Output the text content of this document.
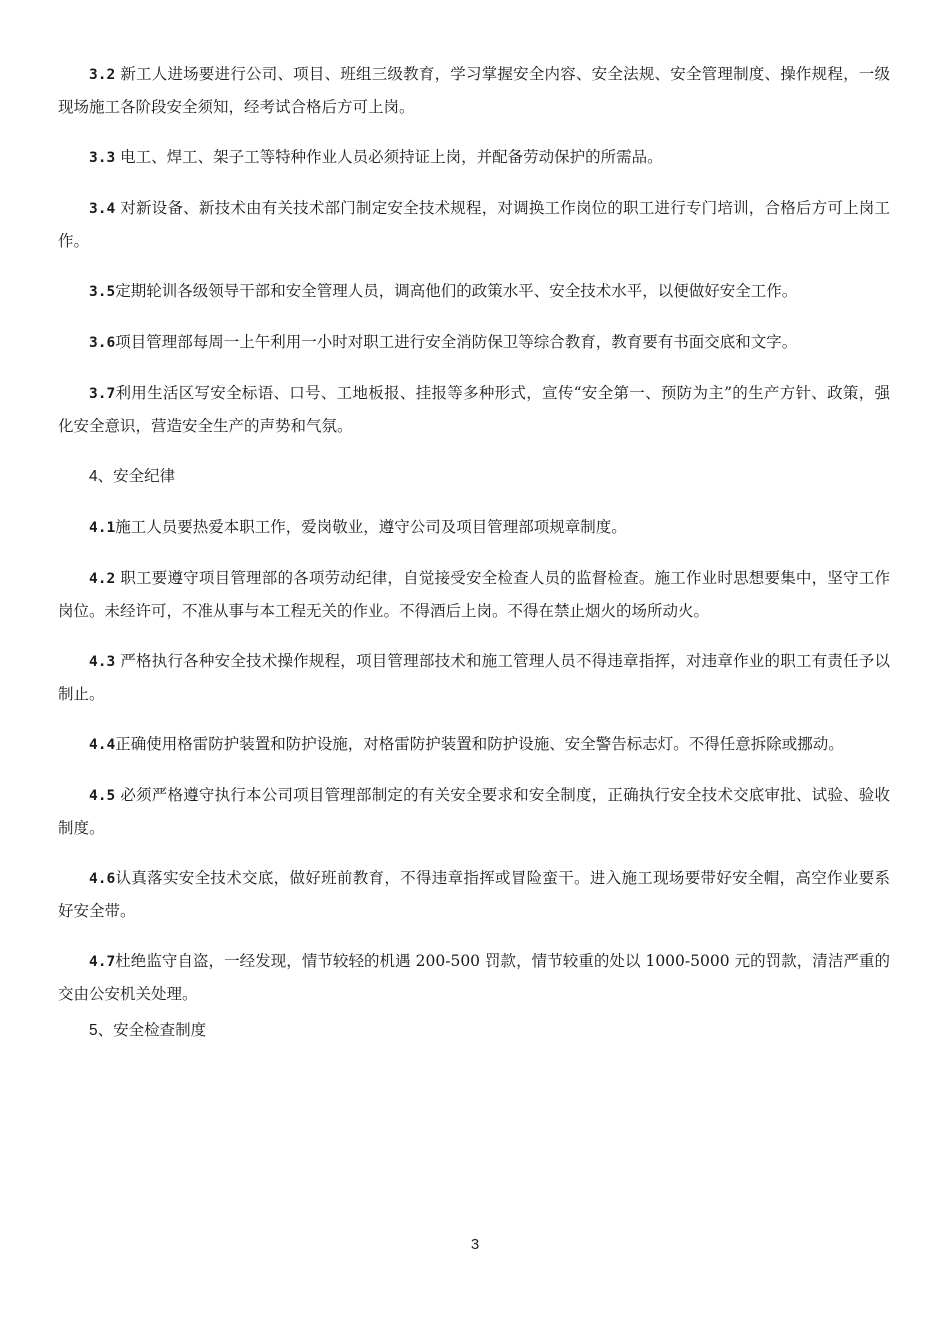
3.2 新工人进场要进行公司、项目、班组三级教育，学习掌握安全内容、安全法规、安全管理制度、操作规程，一级现场施工各阶段安全须知，经考试合格后方可上岗。

3.3 电工、焊工、架子工等特种作业人员必须持证上岗，并配备劳动保护的所需品。

3.4 对新设备、新技术由有关技术部门制定安全技术规程，对调换工作岗位的职工进行专门培训，合格后方可上岗工作。

3.5定期轮训各级领导干部和安全管理人员，调高他们的政策水平、安全技术水平，以便做好安全工作。

3.6项目管理部每周一上午利用一小时对职工进行安全消防保卫等综合教育，教育要有书面交底和文字。

3.7利用生活区写安全标语、口号、工地板报、挂报等多种形式，宣传“安全第一、预防为主”的生产方针、政策，强化安全意识，营造安全生产的声势和气氛。

4、安全纪律

4.1施工人员要热爱本职工作，爱岗敬业，遵守公司及项目管理部项规章制度。

4.2 职工要遵守项目管理部的各项劳动纪律，自觉接受安全检查人员的监督检查。施工作业时思想要集中，坚守工作岗位。未经许可，不准从事与本工程无关的作业。不得酒后上岗。不得在禁止烟火的场所动火。

4.3 严格执行各种安全技术操作规程，项目管理部技术和施工管理人员不得违章指挥，对违章作业的职工有责任予以制止。

4.4正确使用格雷防护装置和防护设施，对格雷防护装置和防护设施、安全警告标志灯。不得任意拆除或挪动。

4.5 必须严格遵守执行本公司项目管理部制定的有关安全要求和安全制度，正确执行安全技术交底审批、试验、验收制度。

4.6认真落实安全技术交底，做好班前教育，不得违章指挥或冒险蛮干。进入施工现场要带好安全帽，高空作业要系好安全带。

4.7杜绝监守自盗，一经发现，情节较轻的机遇 200-500 罚款，情节较重的处以 1000-5000 元的罚款，清洁严重的交由公安机关处理。

5、安全检查制度

3
